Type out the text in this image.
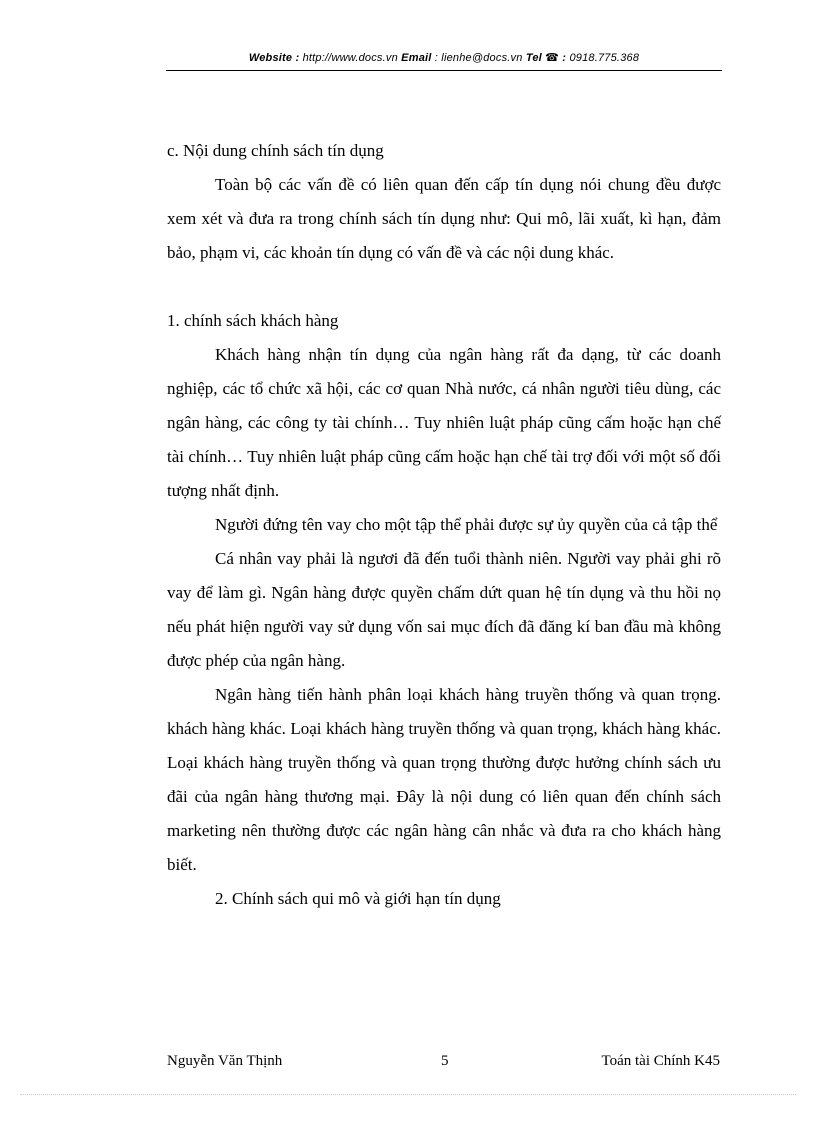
Website : http://www.docs.vn Email : lienhe@docs.vn Tel ☎ : 0918.775.368

c. Nội dung chính sách tín dụng

Toàn bộ các vấn đề có liên quan đến cấp tín dụng nói chung đều được xem xét và đưa ra trong chính sách tín dụng như: Qui mô, lãi xuất, kì hạn, đảm bảo, phạm vi, các khoản tín dụng có vấn đề và các nội dung khác.

1. chính sách khách hàng

Khách hàng nhận tín dụng của ngân hàng rất đa dạng, từ các doanh nghiệp, các tổ chức xã hội, các cơ quan Nhà nước, cá nhân người tiêu dùng, các ngân hàng, các công ty tài chính… Tuy nhiên luật pháp cũng cấm hoặc hạn chế tài chính… Tuy nhiên luật pháp cũng cấm hoặc hạn chế tài trợ đối với một số đối tượng nhất định.

Người đứng tên vay cho một tập thể phải được sự ủy quyền của cả tập thể

Cá nhân vay phải là ngươi đã đến tuổi thành niên. Người vay phải ghi rõ vay để làm gì. Ngân hàng được quyền chấm dứt quan hệ tín dụng và thu hồi nọ nếu phát hiện người vay sử dụng vốn sai mục đích đã đăng kí ban đầu mà không được phép của ngân hàng.

Ngân hàng tiến hành phân loại khách hàng truyền thống và quan trọng. khách hàng khác. Loại khách hàng truyền thống và quan trọng, khách hàng khác. Loại khách hàng truyền thống và quan trọng thường được hưởng chính sách ưu đãi của ngân hàng thương mại. Đây là nội dung có liên quan đến chính sách marketing nên thường được các ngân hàng cân nhắc và đưa ra cho khách hàng biết.

2. Chính sách qui mô và giới hạn tín dụng

Nguyễn Văn Thịnh	5	Toán tài Chính K45
